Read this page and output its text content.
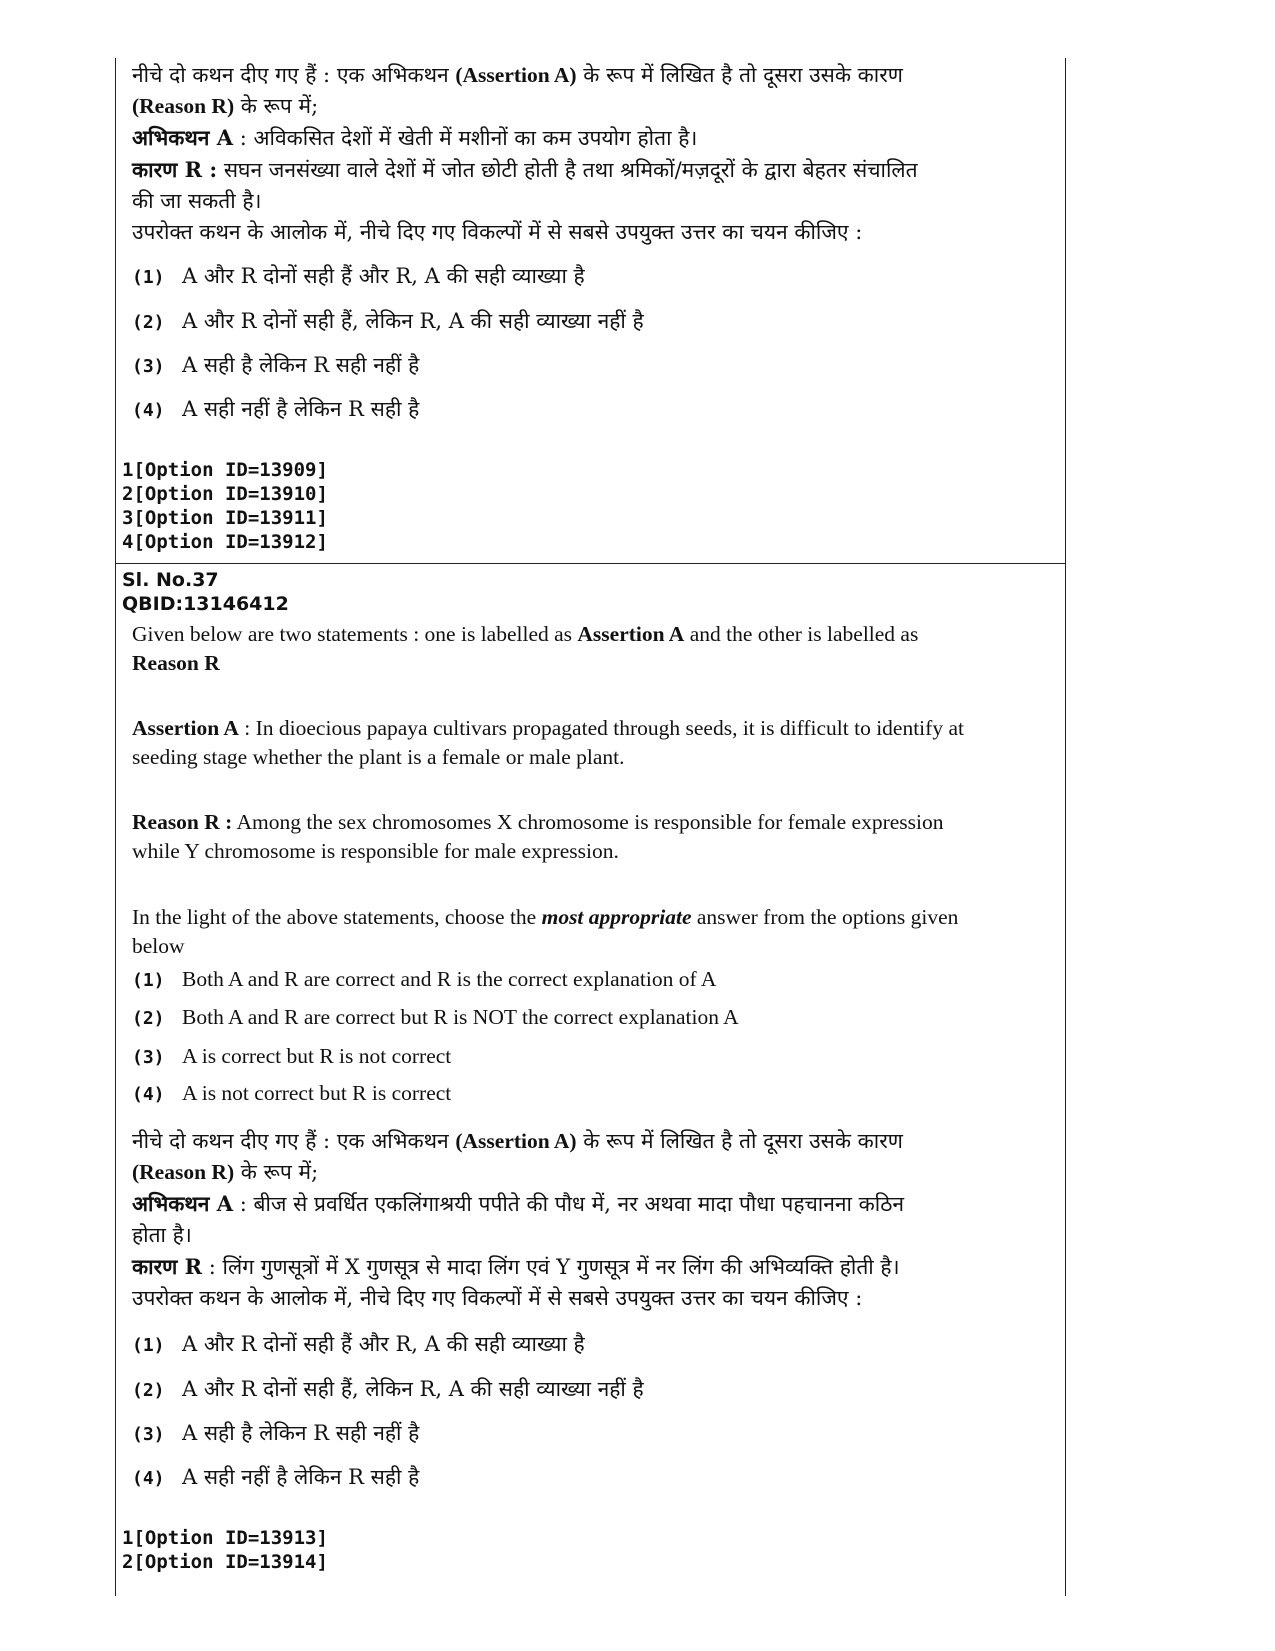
नीचे दो कथन दीए गए हैं : एक अभिकथन (Assertion A) के रूप में लिखित है तो दूसरा उसके कारण

(Reason R) के रूप में;

अभिकथन A : अविकसित देशों में खेती में मशीनों का कम उपयोग होता है।

कारण R : सघन जनसंख्या वाले देशों में जोत छोटी होती है तथा श्रमिकों/मज़दूरों के द्वारा बेहतर संचालित

की जा सकती है।

उपरोक्त कथन के आलोक में, नीचे दिए गए विकल्पों में से सबसे उपयुक्त उत्तर का चयन कीजिए :

(1) A और R दोनों सही हैं और R, A की सही व्याख्या है
(2) A और R दोनों सही हैं, लेकिन R, A की सही व्याख्या नहीं है
(3) A सही है लेकिन R सही नहीं है
(4) A सही नहीं है लेकिन R सही है
1[Option ID=13909]
2[Option ID=13910]
3[Option ID=13911]
4[Option ID=13912]
Sl. No.37
QBID:13146412

Given below are two statements : one is labelled as Assertion A and the other is labelled as

Reason R

Assertion A : In dioecious papaya cultivars propagated through seeds, it is difficult to identify at

seeding stage whether the plant is a female or male plant.

Reason R : Among the sex chromosomes X chromosome is responsible for female expression

while Y chromosome is responsible for male expression.

In the light of the above statements, choose the most appropriate answer from the options given

below

(1) Both A and R are correct and R is the correct explanation of A
(2) Both A and R are correct but R is NOT the correct explanation A
(3) A is correct but R is not correct
(4) A is not correct but R is correct

नीचे दो कथन दीए गए हैं : एक अभिकथन (Assertion A) के रूप में लिखित है तो दूसरा उसके कारण

(Reason R) के रूप में;

अभिकथन A : बीज से प्रवर्धित एकलिंगाश्रयी पपीते की पौध में, नर अथवा मादा पौधा पहचानना कठिन

होता है।

कारण R : लिंग गुणसूत्रों में X गुणसूत्र से मादा लिंग एवं Y गुणसूत्र में नर लिंग की अभिव्यक्ति होती है।

उपरोक्त कथन के आलोक में, नीचे दिए गए विकल्पों में से सबसे उपयुक्त उत्तर का चयन कीजिए :

(1) A और R दोनों सही हैं और R, A की सही व्याख्या है
(2) A और R दोनों सही हैं, लेकिन R, A की सही व्याख्या नहीं है
(3) A सही है लेकिन R सही नहीं है
(4) A सही नहीं है लेकिन R सही है
1[Option ID=13913]
2[Option ID=13914]
